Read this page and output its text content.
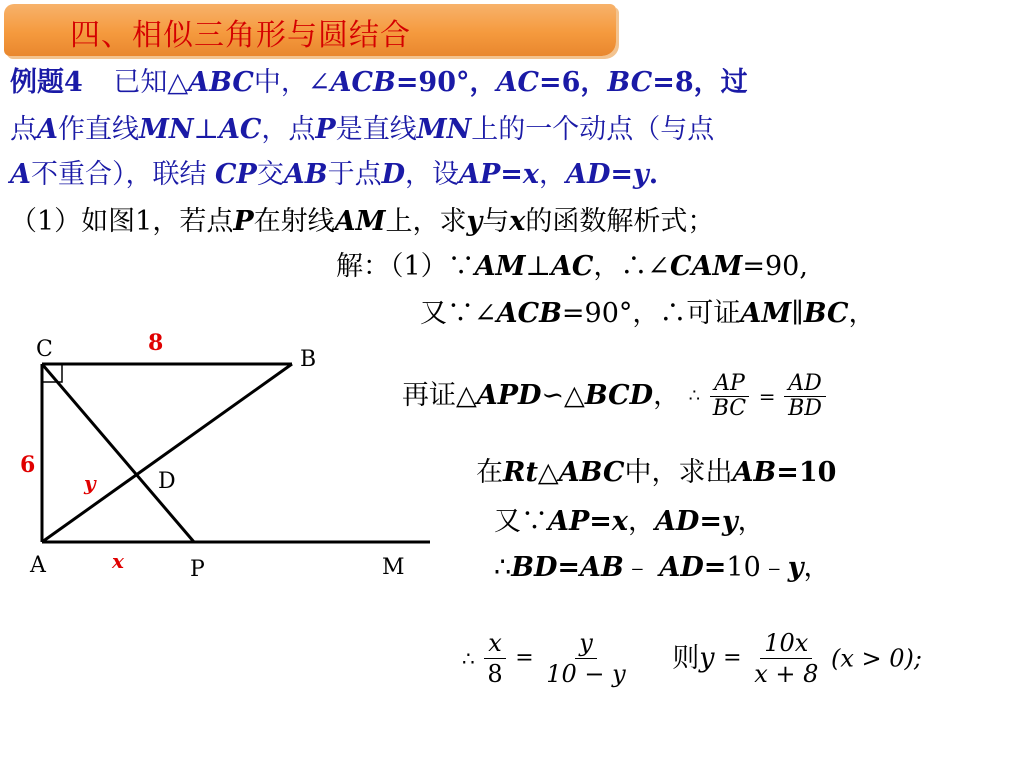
四、相似三角形与圆结合
例题4 已知△ABC中，∠ACB=90°，AC=6，BC=8，过
点A作直线MN⊥AC，点P是直线MN上的一个动点（与点
A不重合），联结 CP交AB于点D，设AP=x，AD=y.
（1）如图1，若点P在射线AM上，求y与x的函数解析式；
解：（1）∵AM⊥AC，∴∠CAM=90,
又∵∠ACB=90°，∴可证AM∥BC，
再证△APD∽△BCD， ∴ $\frac{AP}{BC} = \frac{AD}{BD}$
在Rt△ABC中，求出AB=10
又∵AP=x，AD=y，
∴BD=AB﹣ AD=10﹣y，
∴ $\frac{x}{8} = \frac{y}{10 - y}$ 则$y = \frac{10x}{x + 8} (x > 0)$;
C	B
A	P	M
D
8
6
y
x
